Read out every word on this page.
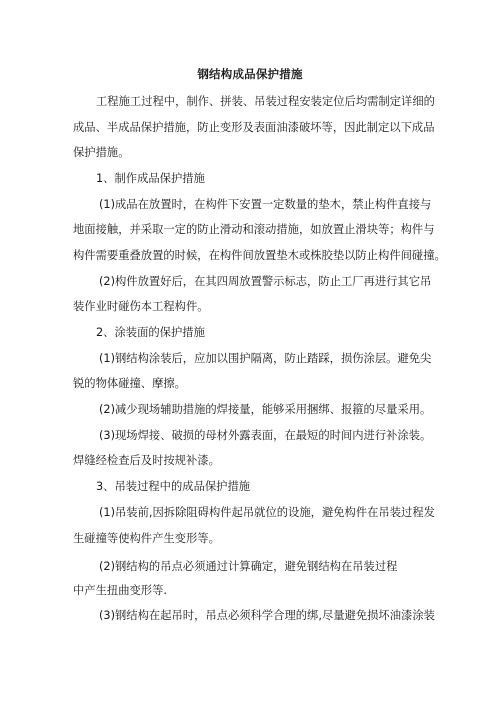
钢结构成品保护措施
工程施工过程中，制作、拼装、吊装过程安装定位后均需制定详细的
成品、半成品保护措施，防止变形及表面油漆破坏等，因此制定以下成品
保护措施。
1、制作成品保护措施
(1)成品在放置时，在构件下安置一定数量的垫木，禁止构件直接与
地面接触，并采取一定的防止滑动和滚动措施，如放置止滑块等；构件与
构件需要重叠放置的时候，在构件间放置垫木或株胶垫以防止构件间碰撞。
(2)构件放置好后，在其四周放置警示标志，防止工厂再进行其它吊
装作业时碰伤本工程构件。
2、涂装面的保护措施
(1)钢结构涂装后，应加以围护隔离，防止踏踩，损伤涂层。避免尖
锐的物体碰撞、摩擦。
(2)减少现场辅助措施的焊接量，能够采用捆绑、报箍的尽量采用。
(3)现场焊接、破损的母材外露表面，在最短的时间内进行补涂装。
焊缝经检查后及时按规补漆。
3、吊装过程中的成品保护措施
(1)吊装前,因拆除阻碍构件起吊就位的设施，避免构件在吊装过程发
生碰撞等使构件产生变形等。
(2)钢结构的吊点必须通过计算确定，避免钢结构在吊装过程
中产生扭曲变形等.
(3)钢结构在起吊时，吊点必须科学合理的绑,尽量避免损坏油漆涂装
